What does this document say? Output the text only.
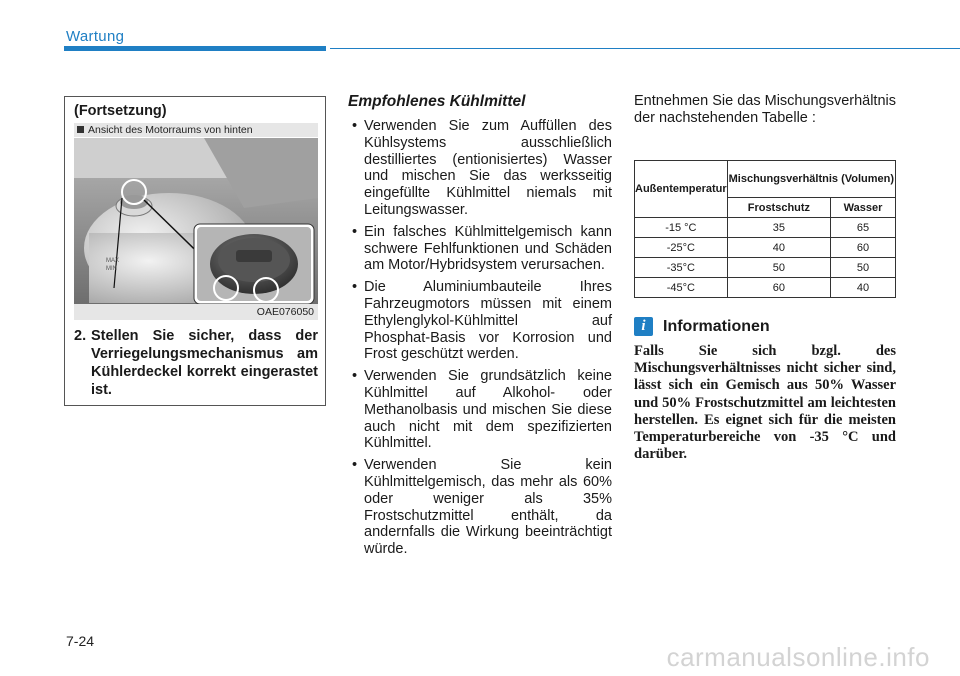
Wartung
(Fortsetzung)
Ansicht des Motorraums von hinten
MAX
MIN
OAE076050
2. Stellen Sie sicher, dass der Verriegelungsmechanismus am Kühlerdeckel korrekt eingerastet ist.
Empfohlenes Kühlmittel
• Verwenden Sie zum Auffüllen des Kühlsystems ausschließlich destilliertes (entionisiertes) Wasser und mischen Sie das werksseitig eingefüllte Kühlmittel niemals mit Leitungswasser.
• Ein falsches Kühlmittelgemisch kann schwere Fehlfunktionen und Schäden am Motor/Hybridsystem verursachen.
• Die Aluminiumbauteile Ihres Fahrzeugmotors müssen mit einem Ethylenglykol-Kühlmittel auf Phosphat-Basis vor Korrosion und Frost geschützt werden.
• Verwenden Sie grundsätzlich keine Kühlmittel auf Alkohol- oder Methanolbasis und mischen Sie diese auch nicht mit dem spezifizierten Kühlmittel.
• Verwenden Sie kein Kühlmittelgemisch, das mehr als 60% oder weniger als 35% Frostschutzmittel enthält, da andernfalls die Wirkung beeinträchtigt würde.
Entnehmen Sie das Mischungsverhältnis der nachstehenden Tabelle :
Außentemperatur	Mischungsverhältnis (Volumen)	
	Frostschutz	Wasser
-15 °C	35	65
-25°C	40	60
-35°C	50	50
-45°C	60	40
i	Informationen
Falls Sie sich bzgl. des Mischungsverhältnisses nicht sicher sind, lässt sich ein Gemisch aus 50% Wasser und 50% Frostschutzmittel am leichtesten herstellen. Es eignet sich für die meisten Temperaturbereiche von -35 °C und darüber.
7-24
carmanualsonline.info
